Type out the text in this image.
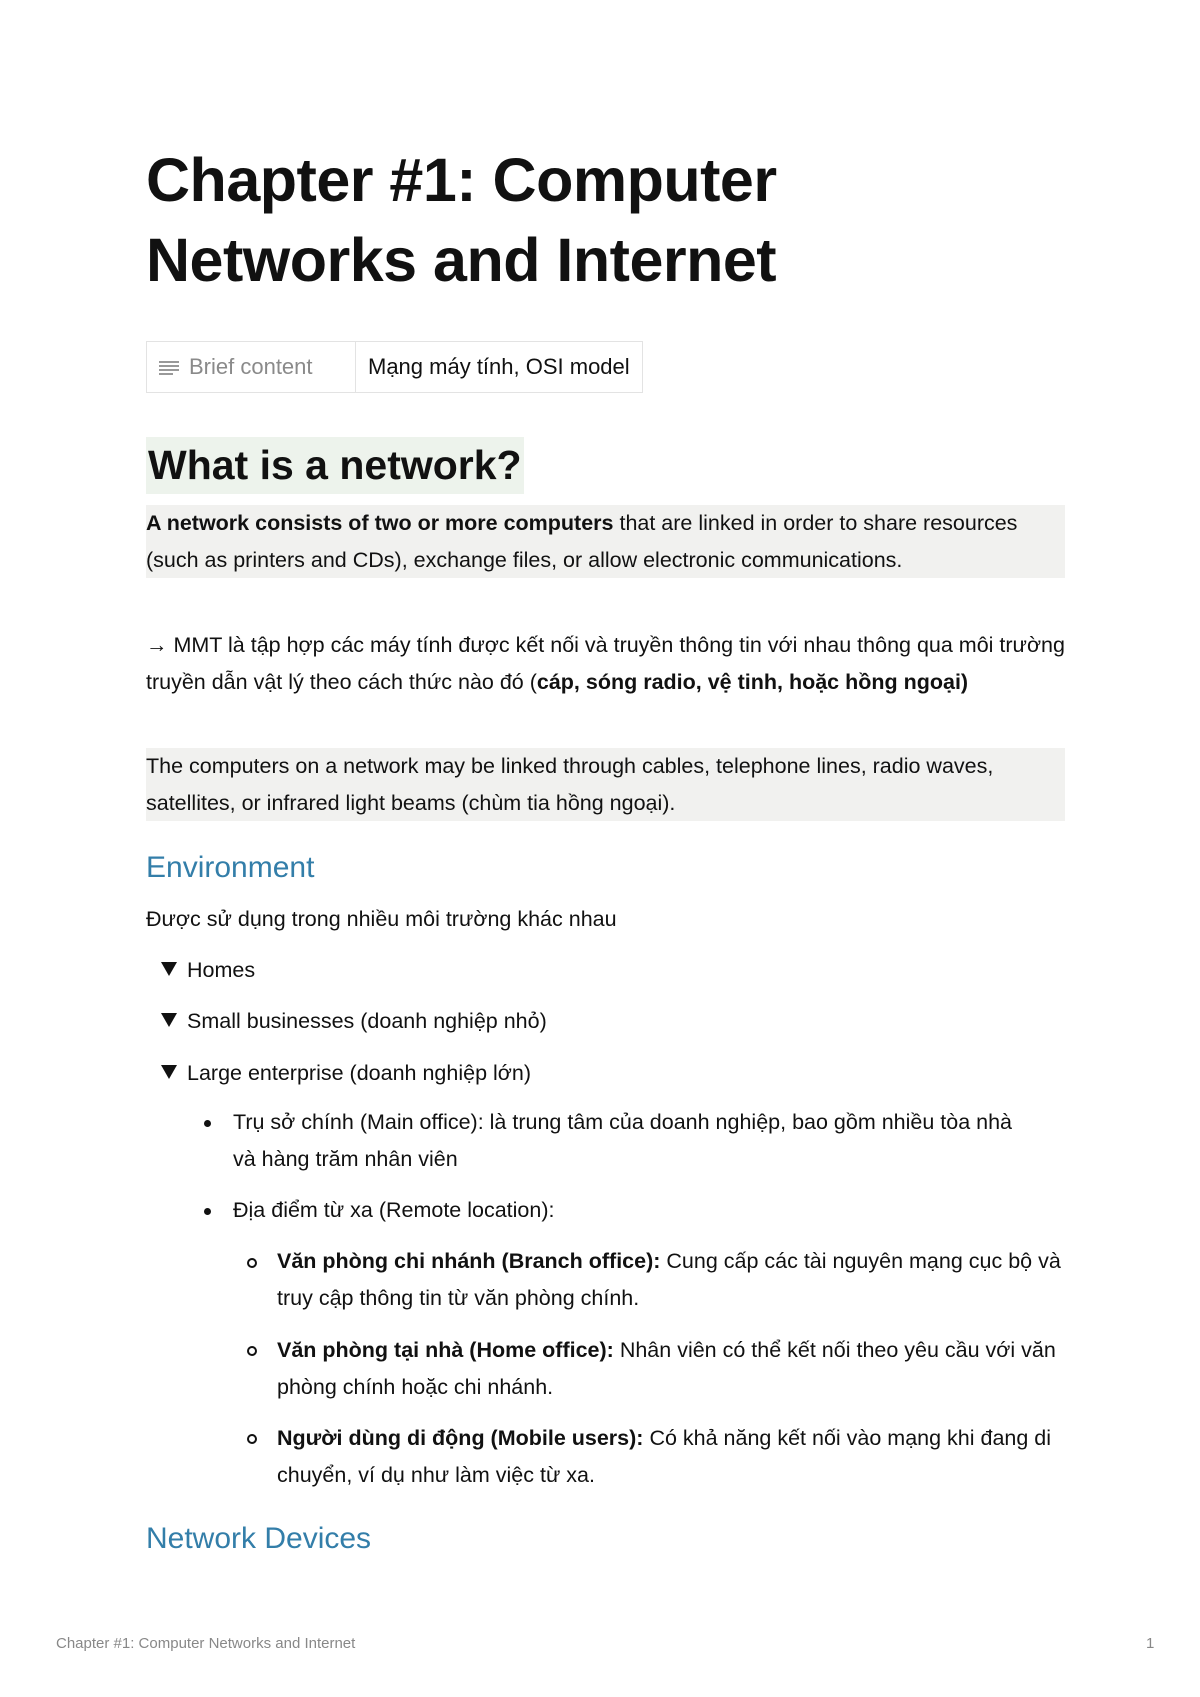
Chapter #1: Computer Networks and Internet
Brief content	Mạng máy tính, OSI model
What is a network?

A network consists of two or more computers that are linked in order to share resources (such as printers and CDs), exchange files, or allow electronic communications.

→ MMT là tập hợp các máy tính được kết nối và truyền thông tin với nhau thông qua môi trường truyền dẫn vật lý theo cách thức nào đó (cáp, sóng radio, vệ tinh, hoặc hồng ngoại)

The computers on a network may be linked through cables, telephone lines, radio waves, satellites, or infrared light beams (chùm tia hồng ngoại).

Environment

Được sử dụng trong nhiều môi trường khác nhau

Homes
Small businesses (doanh nghiệp nhỏ)
Large enterprise (doanh nghiệp lớn)

Trụ sở chính (Main office): là trung tâm của doanh nghiệp, bao gồm nhiều tòa nhà và hàng trăm nhân viên

Địa điểm từ xa (Remote location):

Văn phòng chi nhánh (Branch office): Cung cấp các tài nguyên mạng cục bộ và truy cập thông tin từ văn phòng chính.

Văn phòng tại nhà (Home office): Nhân viên có thể kết nối theo yêu cầu với văn phòng chính hoặc chi nhánh.

Người dùng di động (Mobile users): Có khả năng kết nối vào mạng khi đang di chuyển, ví dụ như làm việc từ xa.

Network Devices
Chapter #1: Computer Networks and Internet	1
